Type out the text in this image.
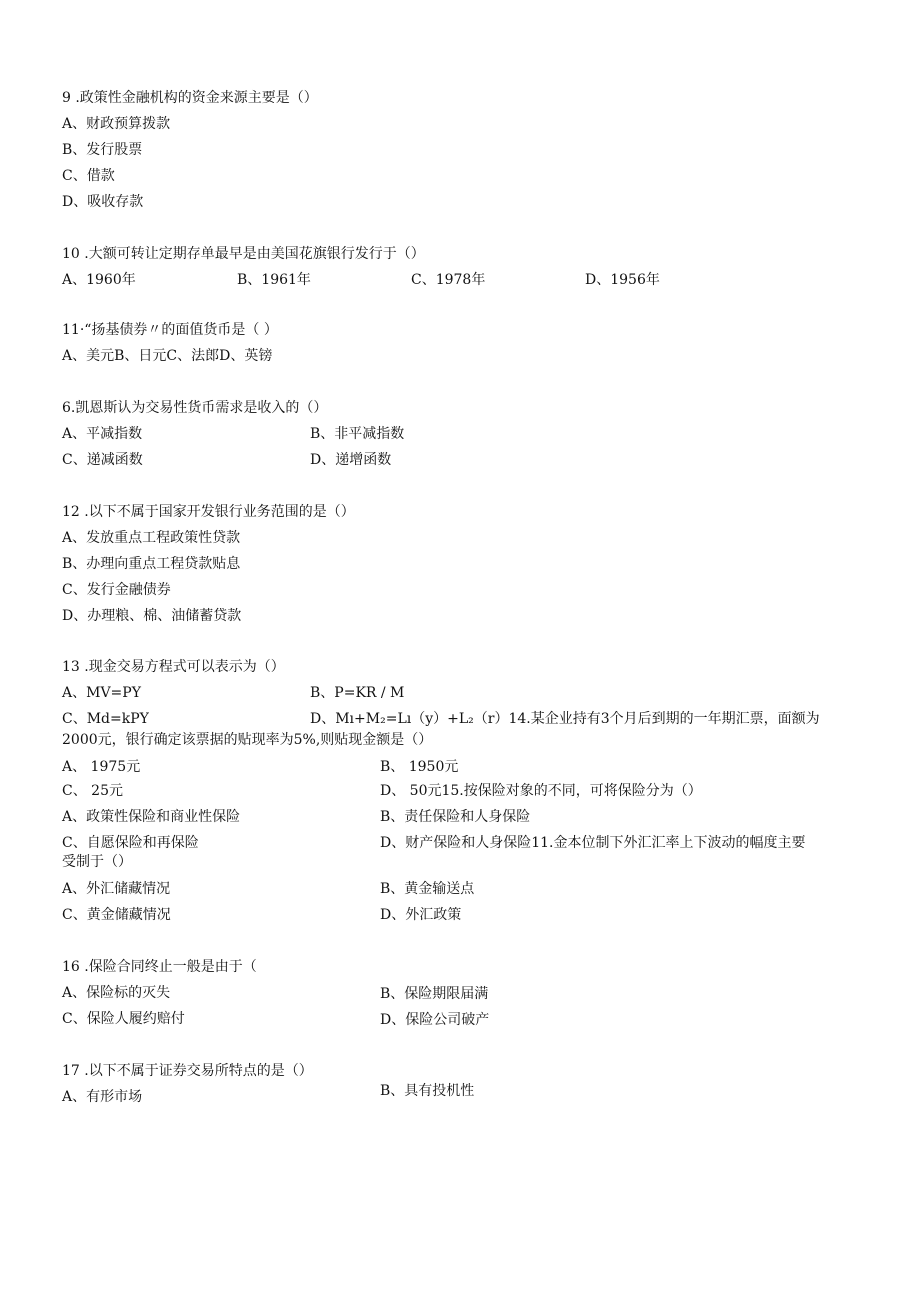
9 .政策性金融机构的资金来源主要是（）
A、财政预算拨款
B、发行股票
C、借款
D、吸收存款
10 .大额可转让定期存单最早是由美国花旗银行发行于（）
A、1960年	B、1961年	C、1978年	D、1956年
11·“扬基债券〃的面值货币是（ ）
A、美元B、日元C、法郎D、英镑
6.凯恩斯认为交易性货币需求是收入的（）
A、平减指数	B、非平减指数
C、递减函数	D、递增函数
12 .以下不属于国家开发银行业务范围的是（）
A、发放重点工程政策性贷款
B、办理向重点工程贷款贴息
C、发行金融债券
D、办理粮、棉、油储蓄贷款
13 .现金交易方程式可以表示为（）
A、MV=PY	B、P=KR / M
C、Md=kPY	D、Mı+M₂=Lı（y）+L₂（r）14.某企业持有3个月后到期的一年期汇票，面额为
2000元，银行确定该票据的贴现率为5%,则贴现金额是（）
A、 1975元	B、 1950元
C、 25元	D、 50元15.按保险对象的不同，可将保险分为（）
A、政策性保险和商业性保险	B、责任保险和人身保险
C、自愿保险和再保险	D、财产保险和人身保险11.金本位制下外汇汇率上下波动的幅度主要
受制于（）
A、外汇储藏情况	B、黄金输送点
C、黄金储藏情况	D、外汇政策
16 .保险合同终止一般是由于（
A、保险标的灭失	B、保险期限届满
C、保险人履约赔付	D、保险公司破产
17 .以下不属于证券交易所特点的是（）
A、有形市场	B、具有投机性
